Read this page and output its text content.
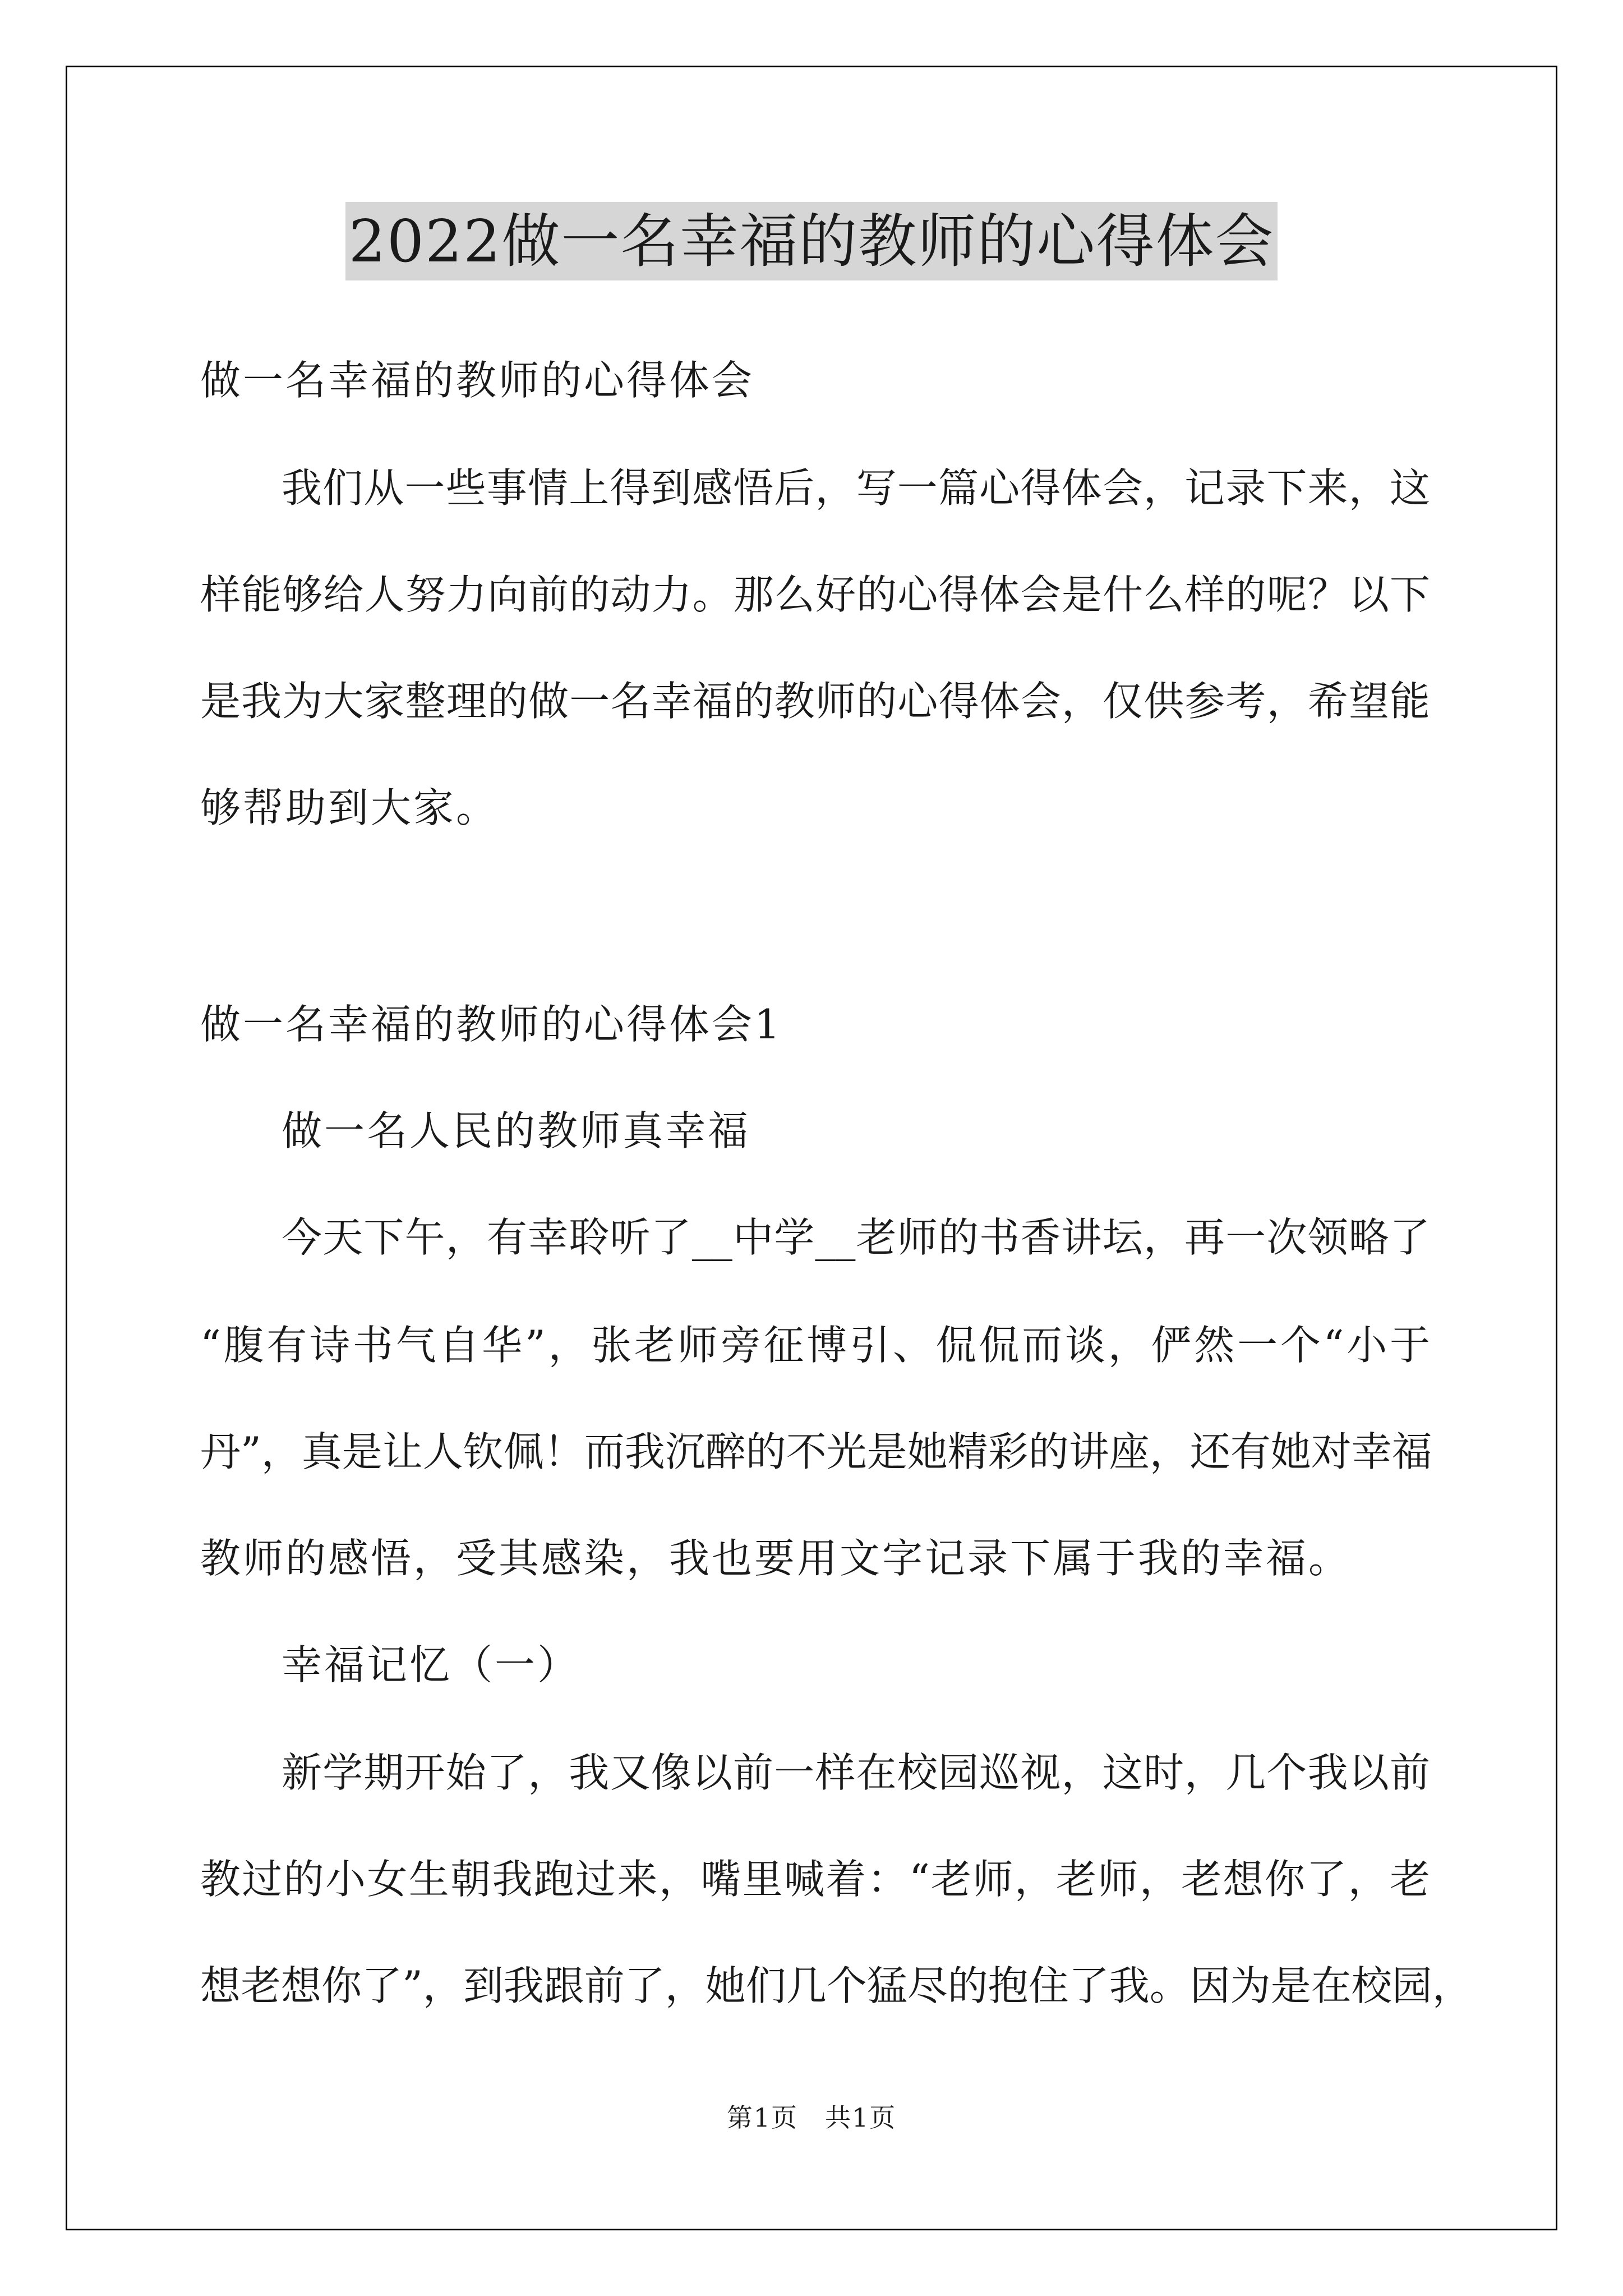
2022做一名幸福的教师的心得体会
做一名幸福的教师的心得体会
我们从一些事情上得到感悟后，写一篇心得体会，记录下来，这
样能够给人努力向前的动力。那么好的心得体会是什么样的呢？以下
是我为大家整理的做一名幸福的教师的心得体会，仅供参考，希望能
够帮助到大家。
做一名幸福的教师的心得体会1
做一名人民的教师真幸福
今天下午，有幸聆听了__中学__老师的书香讲坛，再一次领略了
“腹有诗书气自华”，张老师旁征博引、侃侃而谈，俨然一个“小于
丹”，真是让人钦佩！而我沉醉的不光是她精彩的讲座，还有她对幸福
教师的感悟，受其感染，我也要用文字记录下属于我的幸福。
幸福记忆（一）
新学期开始了，我又像以前一样在校园巡视，这时，几个我以前
教过的小女生朝我跑过来，嘴里喊着：“老师，老师，老想你了，老
想老想你了”，到我跟前了，她们几个猛尽的抱住了我。因为是在校园，
第1页　共1页
